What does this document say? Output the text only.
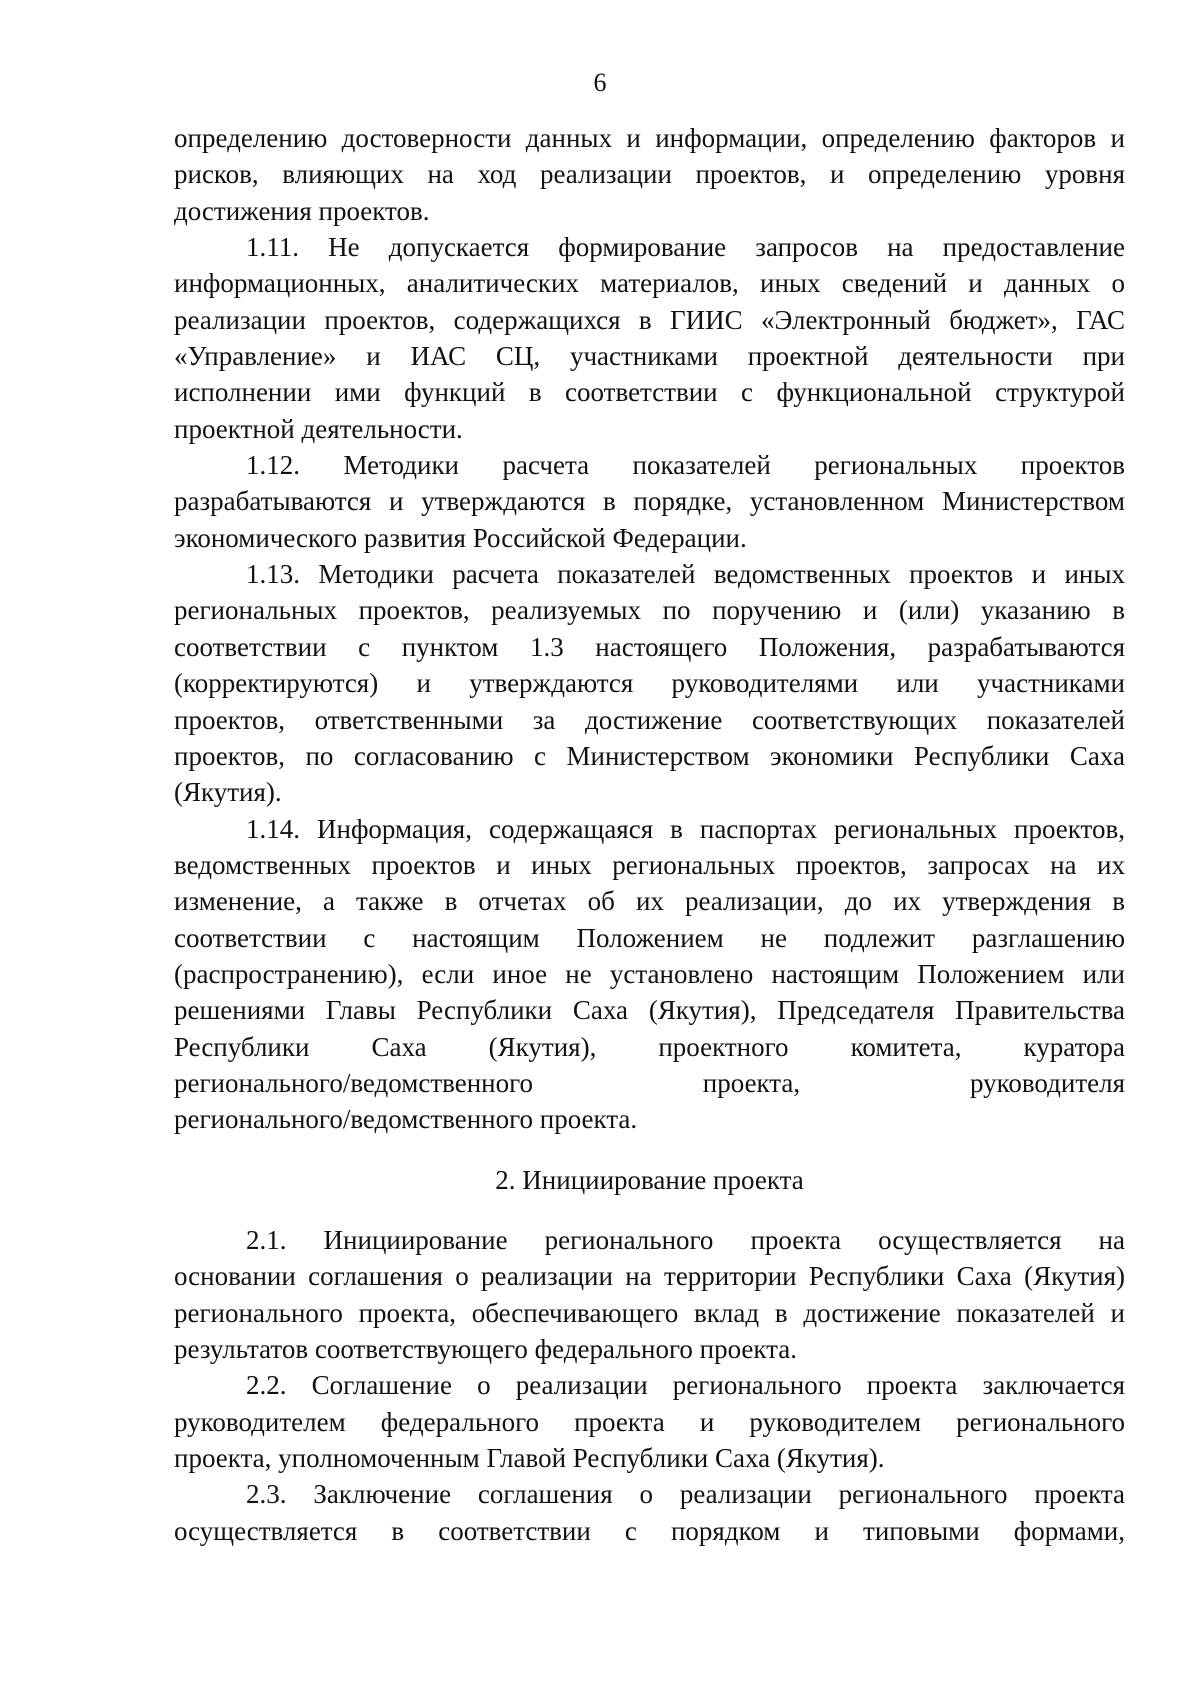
6
определению достоверности данных и информации, определению факторов и
рисков, влияющих на ход реализации проектов, и определению уровня
достижения проектов.
1.11. Не допускается формирование запросов на предоставление
информационных, аналитических материалов, иных сведений и данных о
реализации проектов, содержащихся в ГИИС «Электронный бюджет», ГАС
«Управление» и ИАС СЦ, участниками проектной деятельности при
исполнении ими функций в соответствии с функциональной структурой
проектной деятельности.
1.12. Методики расчета показателей региональных проектов
разрабатываются и утверждаются в порядке, установленном Министерством
экономического развития Российской Федерации.
1.13. Методики расчета показателей ведомственных проектов и иных
региональных проектов, реализуемых по поручению и (или) указанию в
соответствии с пунктом 1.3 настоящего Положения, разрабатываются
(корректируются) и утверждаются руководителями или участниками
проектов, ответственными за достижение соответствующих показателей
проектов, по согласованию с Министерством экономики Республики Саха
(Якутия).
1.14. Информация, содержащаяся в паспортах региональных проектов,
ведомственных проектов и иных региональных проектов, запросах на их
изменение, а также в отчетах об их реализации, до их утверждения в
соответствии с настоящим Положением не подлежит разглашению
(распространению), если иное не установлено настоящим Положением или
решениями Главы Республики Саха (Якутия), Председателя Правительства
Республики Саха (Якутия), проектного комитета, куратора
регионального/ведомственного проекта, руководителя
регионального/ведомственного проекта.
2. Инициирование проекта
2.1. Инициирование регионального проекта осуществляется на
основании соглашения о реализации на территории Республики Саха (Якутия)
регионального проекта, обеспечивающего вклад в достижение показателей и
результатов соответствующего федерального проекта.
2.2. Соглашение о реализации регионального проекта заключается
руководителем федерального проекта и руководителем регионального
проекта, уполномоченным Главой Республики Саха (Якутия).
2.3. Заключение соглашения о реализации регионального проекта
осуществляется в соответствии с порядком и типовыми формами,
